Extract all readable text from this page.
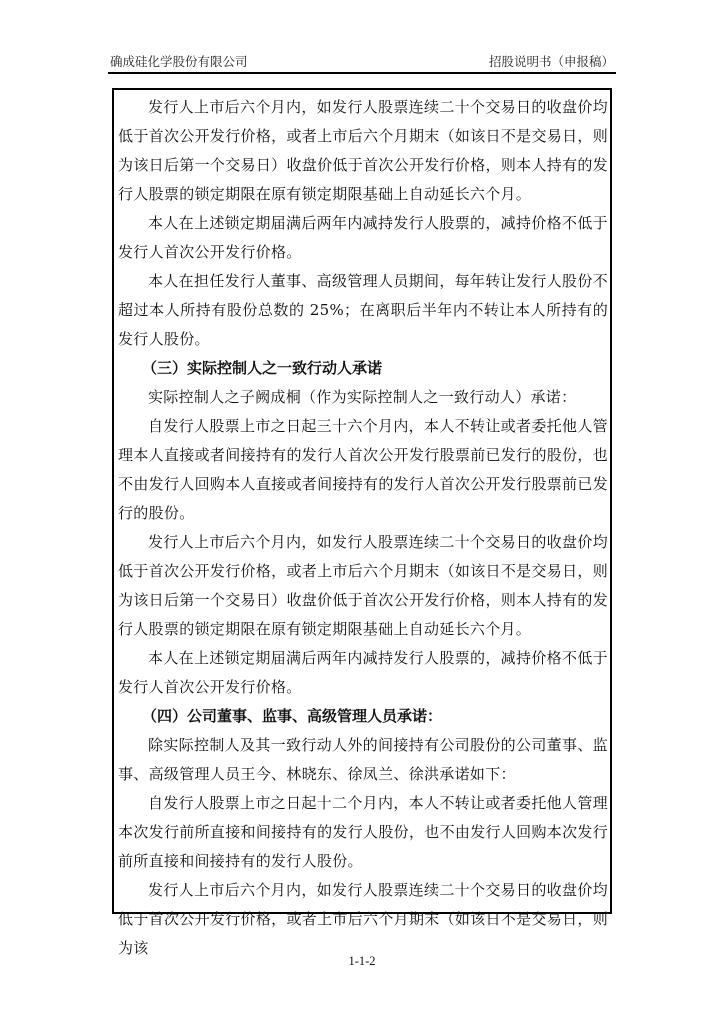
确成硅化学股份有限公司	招股说明书（申报稿）

发行人上市后六个月内，如发行人股票连续二十个交易日的收盘价均低于首次公开发行价格，或者上市后六个月期末（如该日不是交易日，则为该日后第一个交易日）收盘价低于首次公开发行价格，则本人持有的发行人股票的锁定期限在原有锁定期限基础上自动延长六个月。

本人在上述锁定期届满后两年内减持发行人股票的，减持价格不低于发行人首次公开发行价格。

本人在担任发行人董事、高级管理人员期间，每年转让发行人股份不超过本人所持有股份总数的 25%；在离职后半年内不转让本人所持有的发行人股份。

（三）实际控制人之一致行动人承诺

实际控制人之子阙成桐（作为实际控制人之一致行动人）承诺：

自发行人股票上市之日起三十六个月内，本人不转让或者委托他人管理本人直接或者间接持有的发行人首次公开发行股票前已发行的股份，也不由发行人回购本人直接或者间接持有的发行人首次公开发行股票前已发行的股份。

发行人上市后六个月内，如发行人股票连续二十个交易日的收盘价均低于首次公开发行价格，或者上市后六个月期末（如该日不是交易日，则为该日后第一个交易日）收盘价低于首次公开发行价格，则本人持有的发行人股票的锁定期限在原有锁定期限基础上自动延长六个月。

本人在上述锁定期届满后两年内减持发行人股票的，减持价格不低于发行人首次公开发行价格。

（四）公司董事、监事、高级管理人员承诺：

除实际控制人及其一致行动人外的间接持有公司股份的公司董事、监事、高级管理人员王今、林晓东、徐凤兰、徐洪承诺如下：

自发行人股票上市之日起十二个月内，本人不转让或者委托他人管理本次发行前所直接和间接持有的发行人股份，也不由发行人回购本次发行前所直接和间接持有的发行人股份。

发行人上市后六个月内，如发行人股票连续二十个交易日的收盘价均低于首次公开发行价格，或者上市后六个月期末（如该日不是交易日，则为该

1-1-2
